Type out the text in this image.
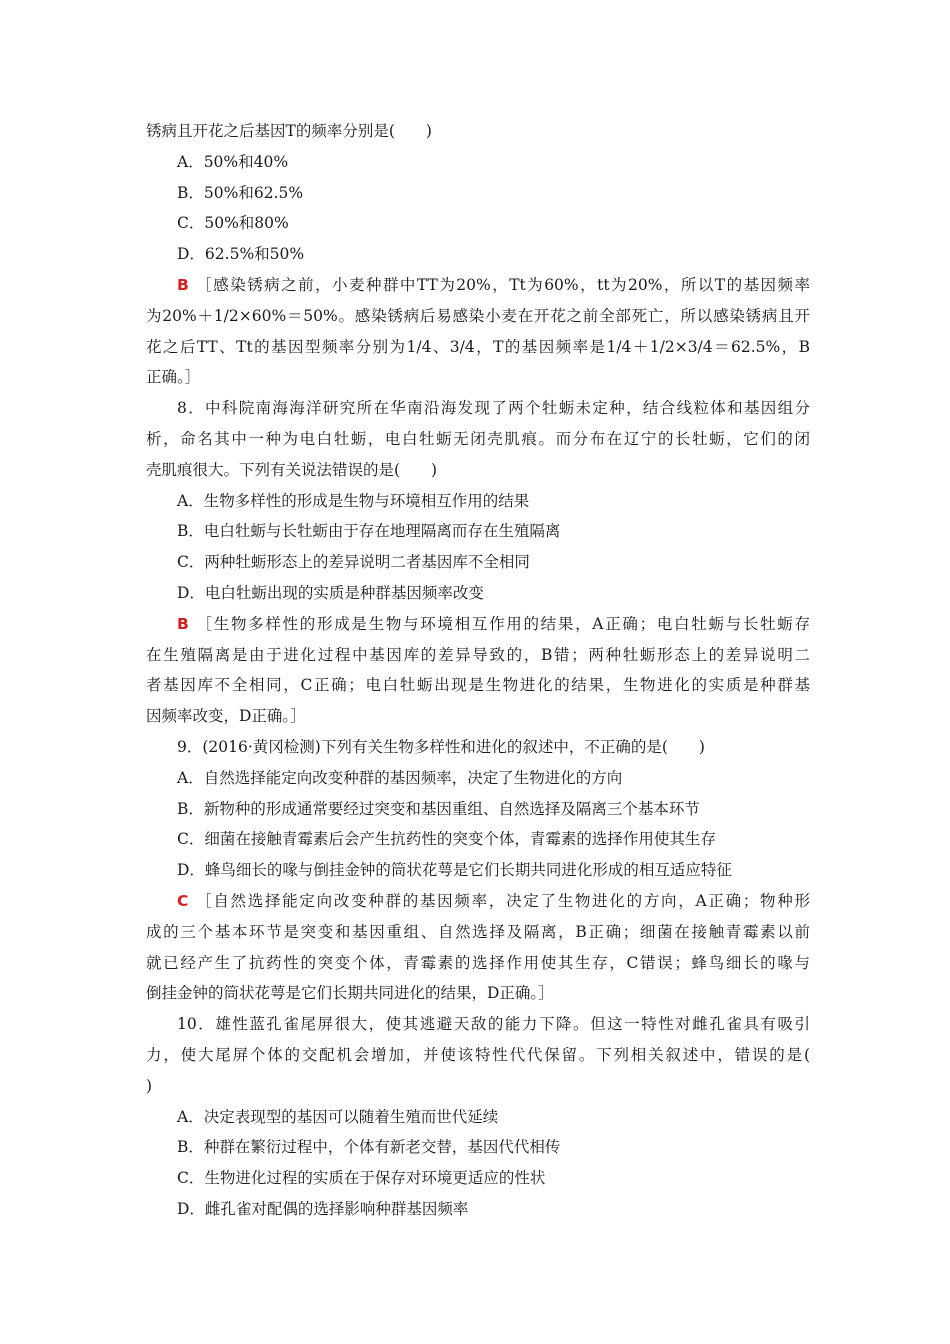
锈病且开花之后基因T的频率分别是(　　)
A．50%和40%
B．50%和62.5%
C．50%和80%
D．62.5%和50%
B ［感染锈病之前，小麦种群中TT为20%，Tt为60%，tt为20%，所以T的基因频率
为20%＋1/2×60%＝50%。感染锈病后易感染小麦在开花之前全部死亡，所以感染锈病且开
花之后TT、Tt的基因型频率分别为1/4、3/4，T的基因频率是1/4＋1/2×3/4＝62.5%，B
正确。］
8．中科院南海海洋研究所在华南沿海发现了两个牡蛎未定种，结合线粒体和基因组分
析，命名其中一种为电白牡蛎，电白牡蛎无闭壳肌痕。而分布在辽宁的长牡蛎，它们的闭
壳肌痕很大。下列有关说法错误的是(　　)
A．生物多样性的形成是生物与环境相互作用的结果
B．电白牡蛎与长牡蛎由于存在地理隔离而存在生殖隔离
C．两种牡蛎形态上的差异说明二者基因库不全相同
D．电白牡蛎出现的实质是种群基因频率改变
B ［生物多样性的形成是生物与环境相互作用的结果，A正确；电白牡蛎与长牡蛎存
在生殖隔离是由于进化过程中基因库的差异导致的，B错；两种牡蛎形态上的差异说明二
者基因库不全相同，C正确；电白牡蛎出现是生物进化的结果，生物进化的实质是种群基
因频率改变，D正确。］
9．(2016·黄冈检测)下列有关生物多样性和进化的叙述中，不正确的是(　　)
A．自然选择能定向改变种群的基因频率，决定了生物进化的方向
B．新物种的形成通常要经过突变和基因重组、自然选择及隔离三个基本环节
C．细菌在接触青霉素后会产生抗药性的突变个体，青霉素的选择作用使其生存
D．蜂鸟细长的喙与倒挂金钟的筒状花萼是它们长期共同进化形成的相互适应特征
C ［自然选择能定向改变种群的基因频率，决定了生物进化的方向，A正确；物种形
成的三个基本环节是突变和基因重组、自然选择及隔离，B正确；细菌在接触青霉素以前
就已经产生了抗药性的突变个体，青霉素的选择作用使其生存，C错误；蜂鸟细长的喙与
倒挂金钟的筒状花萼是它们长期共同进化的结果，D正确。］
10．雄性蓝孔雀尾屏很大，使其逃避天敌的能力下降。但这一特性对雌孔雀具有吸引
力，使大尾屏个体的交配机会增加，并使该特性代代保留。下列相关叙述中，错误的是(
)
A．决定表现型的基因可以随着生殖而世代延续
B．种群在繁衍过程中，个体有新老交替，基因代代相传
C．生物进化过程的实质在于保存对环境更适应的性状
D．雌孔雀对配偶的选择影响种群基因频率
